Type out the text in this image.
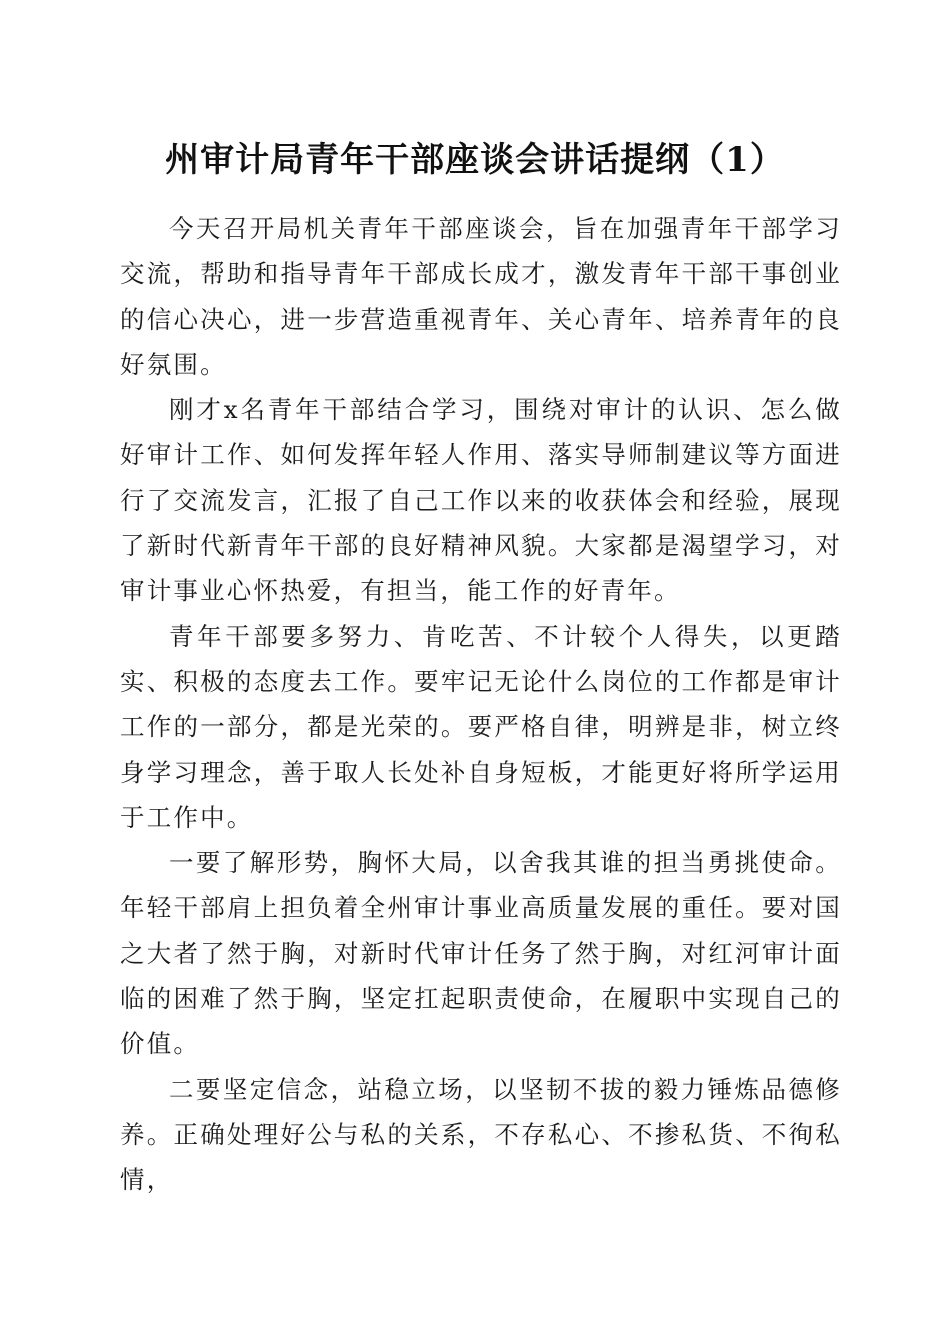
州审计局青年干部座谈会讲话提纲（1）

今天召开局机关青年干部座谈会，旨在加强青年干部学习交流，帮助和指导青年干部成长成才，激发青年干部干事创业的信心决心，进一步营造重视青年、关心青年、培养青年的良好氛围。

刚才x名青年干部结合学习，围绕对审计的认识、怎么做好审计工作、如何发挥年轻人作用、落实导师制建议等方面进行了交流发言，汇报了自己工作以来的收获体会和经验，展现了新时代新青年干部的良好精神风貌。大家都是渴望学习，对审计事业心怀热爱，有担当，能工作的好青年。

青年干部要多努力、肯吃苦、不计较个人得失，以更踏实、积极的态度去工作。要牢记无论什么岗位的工作都是审计工作的一部分，都是光荣的。要严格自律，明辨是非，树立终身学习理念，善于取人长处补自身短板，才能更好将所学运用于工作中。

一要了解形势，胸怀大局，以舍我其谁的担当勇挑使命。年轻干部肩上担负着全州审计事业高质量发展的重任。要对国之大者了然于胸，对新时代审计任务了然于胸，对红河审计面临的困难了然于胸，坚定扛起职责使命，在履职中实现自己的价值。

二要坚定信念，站稳立场，以坚韧不拔的毅力锤炼品德修养。正确处理好公与私的关系，不存私心、不掺私货、不徇私情，
